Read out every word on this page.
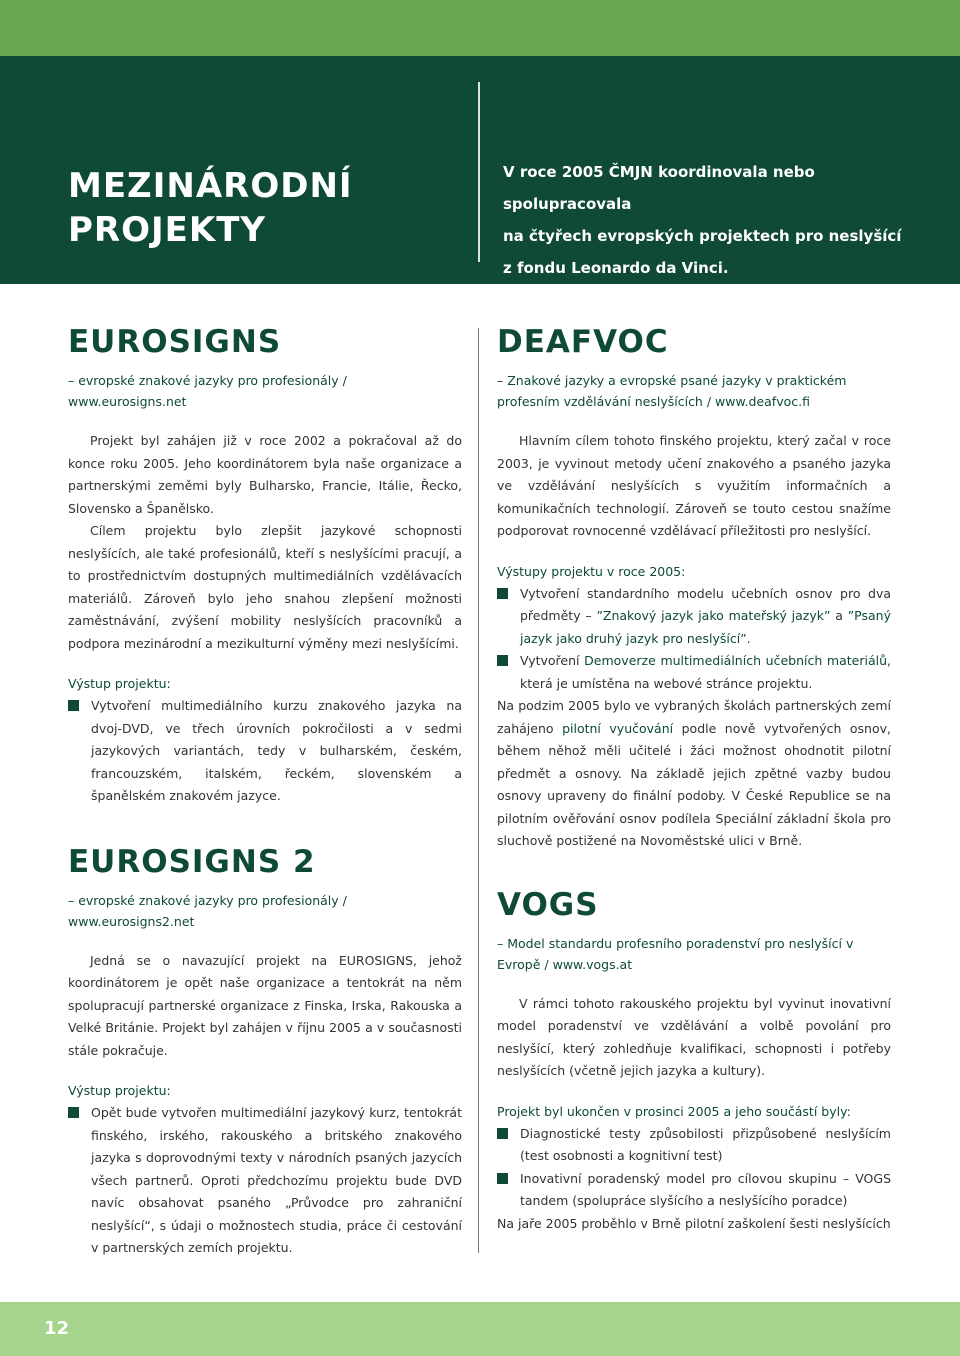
MEZINÁRODNÍ PROJEKTY
V roce 2005 ČMJN koordinovala nebo spolupracovala
na čtyřech evropských projektech pro neslyšící
z fondu Leonardo da Vinci.

EUROSIGNS

– evropské znakové jazyky pro profesionály / www.eurosigns.net

Projekt byl zahájen již v roce 2002 a pokračoval až do konce roku 2005. Jeho koordinátorem byla naše organizace a partnerskými zeměmi byly Bulharsko, Francie, Itálie, Řecko, Slovensko a Španělsko.

Cílem projektu bylo zlepšit jazykové schopnosti neslyšících, ale také profesionálů, kteří s neslyšícími pracují, a to prostřednictvím dostupných multimediálních vzdělávacích materiálů. Zároveň bylo jeho snahou zlepšení možnosti zaměstnávání, zvýšení mobility neslyšících pracovníků a podpora mezinárodní a mezikulturní výměny mezi neslyšícími.

Výstup projektu:

Vytvoření multimediálního kurzu znakového jazyka na dvoj-DVD, ve třech úrovních pokročilosti a v sedmi jazykových variantách, tedy v bulharském, českém, francouzském, italském, řeckém, slovenském a španělském znakovém jazyce.

EUROSIGNS 2

– evropské znakové jazyky pro profesionály / www.eurosigns2.net

Jedná se o navazující projekt na EUROSIGNS, jehož koordinátorem je opět naše organizace a tentokrát na něm spolupracují partnerské organizace z Finska, Irska, Rakouska a Velké Británie. Projekt byl zahájen v říjnu 2005 a v současnosti stále pokračuje.

Výstup projektu:

Opět bude vytvořen multimediální jazykový kurz, tentokrát finského, irského, rakouského a britského znakového jazyka s doprovodnými texty v národních psaných jazycích všech partnerů. Oproti předchozímu projektu bude DVD navíc obsahovat psaného „Průvodce pro zahraniční neslyšící“, s údaji o možnostech studia, práce či cestování v partnerských zemích projektu.

DEAFVOC

– Znakové jazyky a evropské psané jazyky v praktickém profesním vzdělávání neslyšících / www.deafvoc.fi

Hlavním cílem tohoto finského projektu, který začal v roce 2003, je vyvinout metody učení znakového a psaného jazyka ve vzdělávání neslyšících s využitím informačních a komunikačních technologií. Zároveň se touto cestou snažíme podporovat rovnocenné vzdělávací příležitosti pro neslyšící.

Výstupy projektu v roce 2005:

Vytvoření standardního modelu učebních osnov pro dva předměty – ”Znakový jazyk jako mateřský jazyk” a ”Psaný jazyk jako druhý jazyk pro neslyšící”.
Vytvoření Demoverze multimediálních učebních materiálů, která je umístěna na webové stránce projektu.

Na podzim 2005 bylo ve vybraných školách partnerských zemí zahájeno pilotní vyučování podle nově vytvořených osnov, během něhož měli učitelé i žáci možnost ohodnotit pilotní předmět a osnovy. Na základě jejich zpětné vazby budou osnovy upraveny do finální podoby. V České Republice se na pilotním ověřování osnov podílela Speciální základní škola pro sluchově postižené na Novoměstské ulici v Brně.

VOGS

– Model standardu profesního poradenství pro neslyšící v Evropě / www.vogs.at

V rámci tohoto rakouského projektu byl vyvinut inovativní model poradenství ve vzdělávání a volbě povolání pro neslyšící, který zohledňuje kvalifikaci, schopnosti i potřeby neslyšících (včetně jejich jazyka a kultury).

Projekt byl ukončen v prosinci 2005 a jeho součástí byly:

Diagnostické testy způsobilosti přizpůsobené neslyšícím (test osobnosti a kognitivní test)
Inovativní poradenský model pro cílovou skupinu – VOGS tandem (spolupráce slyšícího a neslyšícího poradce)

Na jaře 2005 proběhlo v Brně pilotní zaškolení šesti neslyšících

12
